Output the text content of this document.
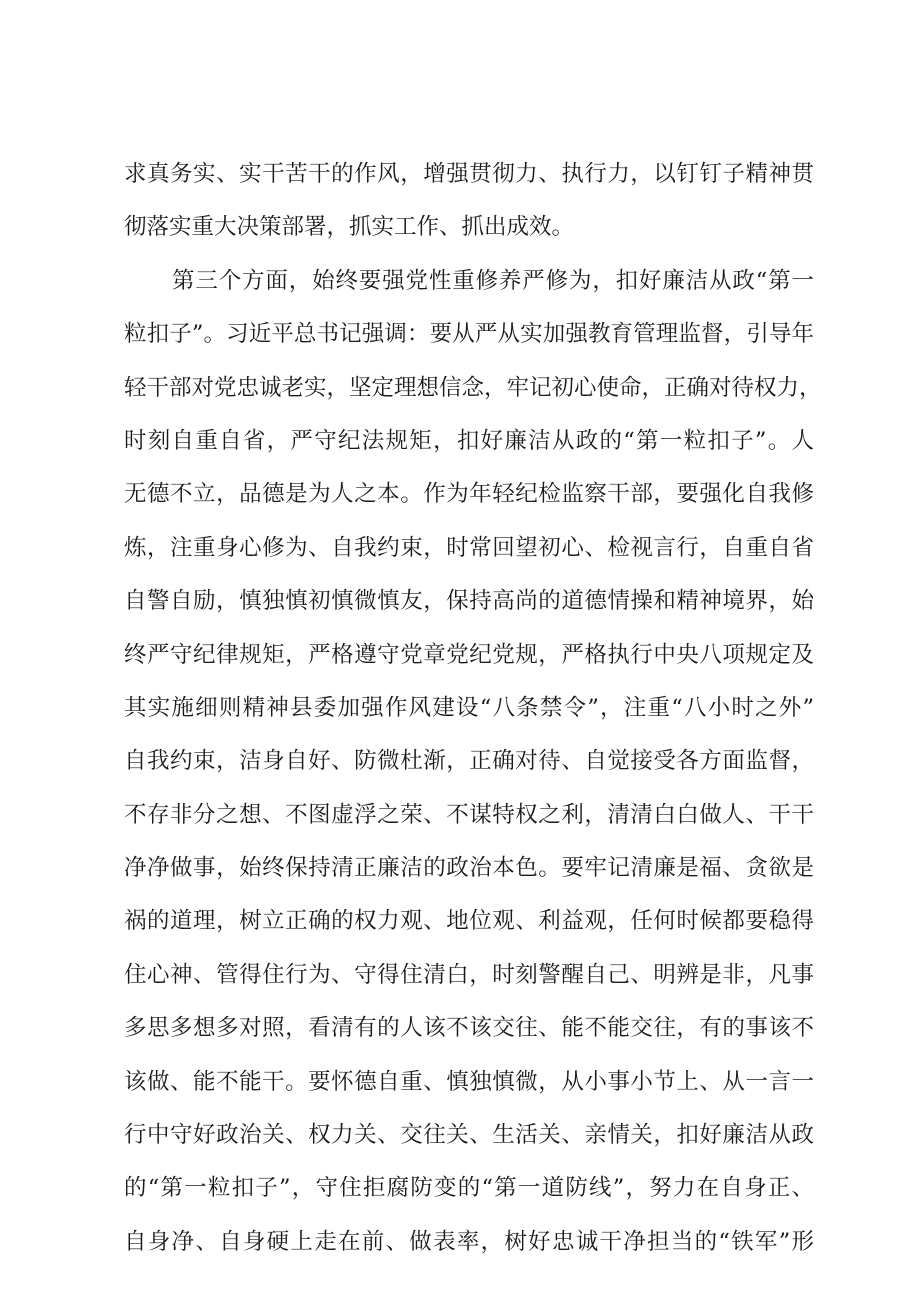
求真务实、实干苦干的作风，增强贯彻力、执行力，以钉钉子精神贯
彻落实重大决策部署，抓实工作、抓出成效。
第三个方面，始终要强党性重修养严修为，扣好廉洁从政“第一
粒扣子”。习近平总书记强调：要从严从实加强教育管理监督，引导年
轻干部对党忠诚老实，坚定理想信念，牢记初心使命，正确对待权力，
时刻自重自省，严守纪法规矩，扣好廉洁从政的“第一粒扣子”。人
无德不立，品德是为人之本。作为年轻纪检监察干部，要强化自我修
炼，注重身心修为、自我约束，时常回望初心、检视言行，自重自省
自警自励，慎独慎初慎微慎友，保持高尚的道德情操和精神境界，始
终严守纪律规矩，严格遵守党章党纪党规，严格执行中央八项规定及
其实施细则精神县委加强作风建设“八条禁令”，注重“八小时之外”
自我约束，洁身自好、防微杜渐，正确对待、自觉接受各方面监督，
不存非分之想、不图虚浮之荣、不谋特权之利，清清白白做人、干干
净净做事，始终保持清正廉洁的政治本色。要牢记清廉是福、贪欲是
祸的道理，树立正确的权力观、地位观、利益观，任何时候都要稳得
住心神、管得住行为、守得住清白，时刻警醒自己、明辨是非，凡事
多思多想多对照，看清有的人该不该交往、能不能交往，有的事该不
该做、能不能干。要怀德自重、慎独慎微，从小事小节上、从一言一
行中守好政治关、权力关、交往关、生活关、亲情关，扣好廉洁从政
的“第一粒扣子”，守住拒腐防变的“第一道防线”，努力在自身正、
自身净、自身硬上走在前、做表率，树好忠诚干净担当的“铁军”形
